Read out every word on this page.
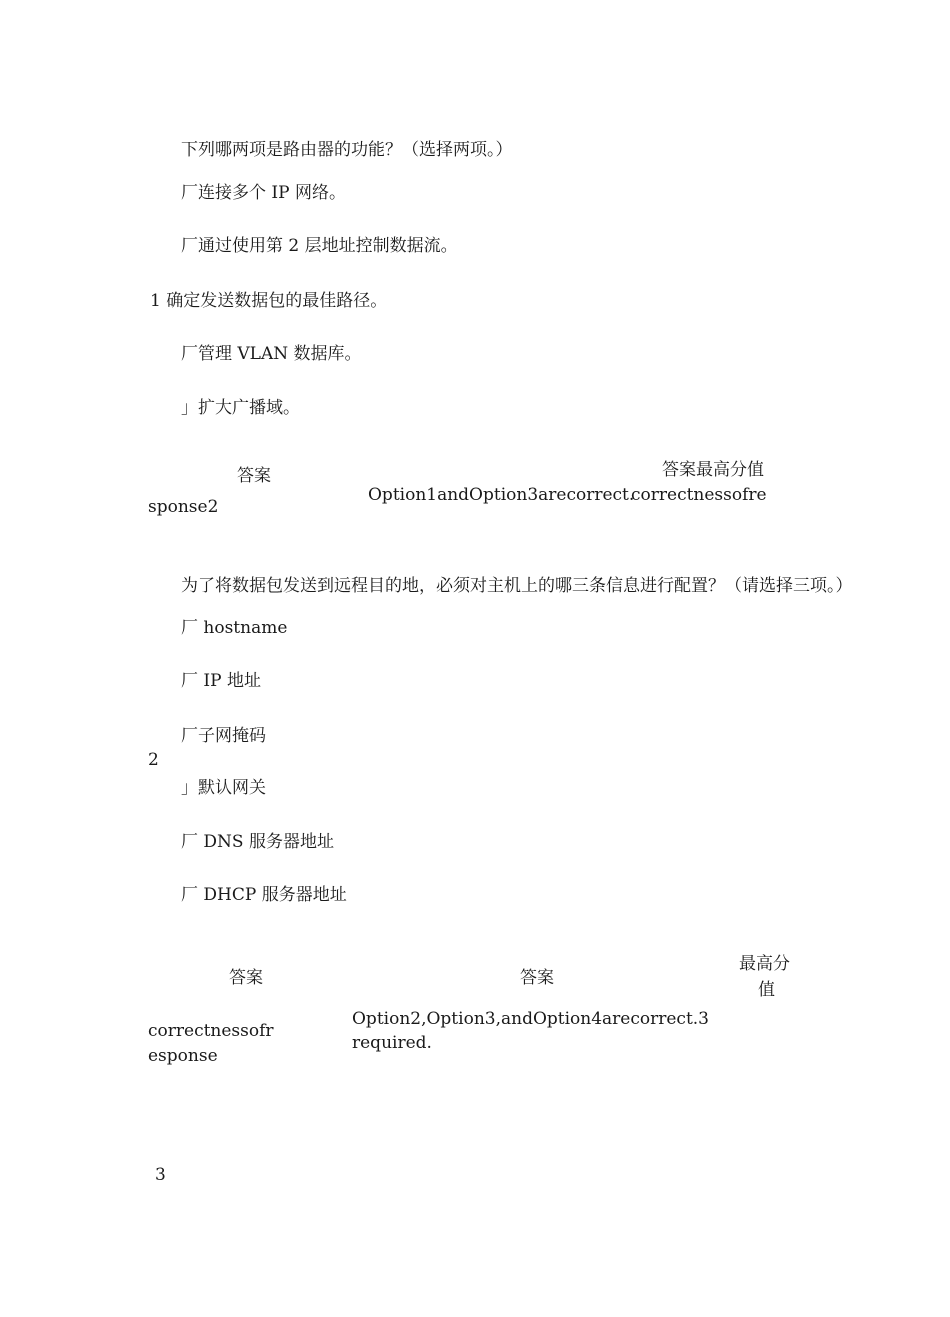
下列哪两项是路由器的功能？（选择两项。）
厂连接多个 IP 网络。
厂通过使用第 2 层地址控制数据流。
1 确定发送数据包的最佳路径。
厂管理 VLAN 数据库。
」扩大广播域。
答案	答案最高分值
Option1andOption3arecorrect.
correctnessofre
sponse2
为了将数据包发送到远程目的地，必须对主机上的哪三条信息进行配置？（请选择三项。）
厂 hostname
厂 IP 地址
厂子网掩码
2
」默认网关
厂 DNS 服务器地址
厂 DHCP 服务器地址
答案	答案
最高分
值
correctnessofr
esponse
Option2,Option3,andOption4arecorrect.3
required.
3
